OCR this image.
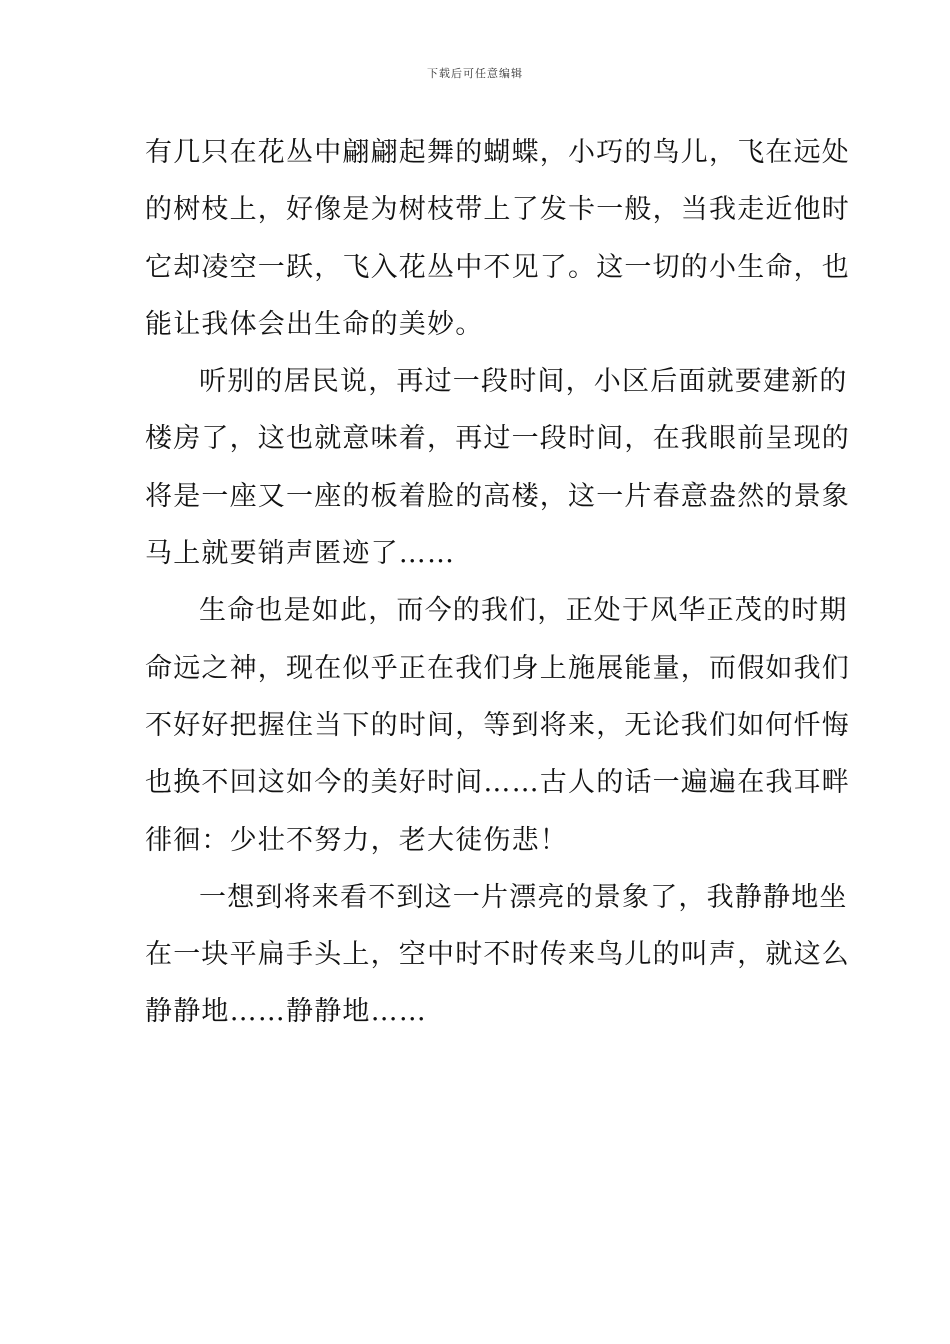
下载后可任意编辑
有几只在花丛中翩翩起舞的蝴蝶，小巧的鸟儿，飞在远处
的树枝上，好像是为树枝带上了发卡一般，当我走近他时
它却凌空一跃，飞入花丛中不见了。这一切的小生命，也
能让我体会出生命的美妙。
听别的居民说，再过一段时间，小区后面就要建新的
楼房了，这也就意味着，再过一段时间，在我眼前呈现的
将是一座又一座的板着脸的高楼，这一片春意盎然的景象
马上就要销声匿迹了……
生命也是如此，而今的我们，正处于风华正茂的时期
命远之神，现在似乎正在我们身上施展能量，而假如我们
不好好把握住当下的时间，等到将来，无论我们如何忏悔
也换不回这如今的美好时间……古人的话一遍遍在我耳畔
徘徊：少壮不努力，老大徒伤悲！
一想到将来看不到这一片漂亮的景象了，我静静地坐
在一块平扁手头上，空中时不时传来鸟儿的叫声，就这么
静静地……静静地……
